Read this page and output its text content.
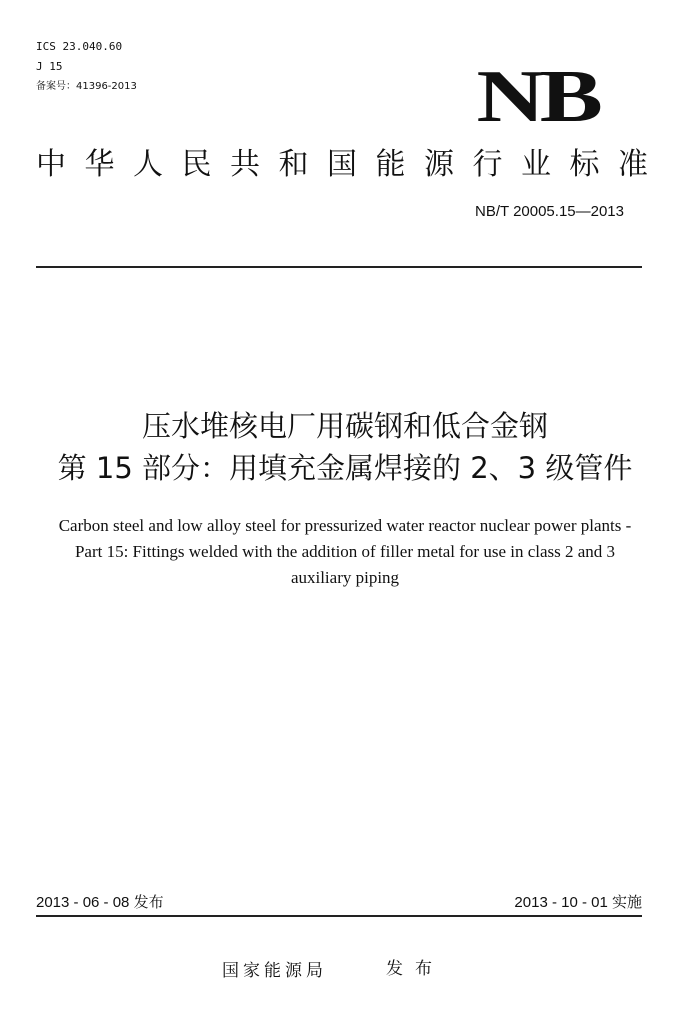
ICS 23.040.60
J 15
备案号：41396-2013	NB
中华人民共和国能源行业标准
NB/T 20005.15—2013
压水堆核电厂用碳钢和低合金钢
第 15 部分：用填充金属焊接的 2、3 级管件
Carbon steel and low alloy steel for pressurized water reactor nuclear power plants -
Part 15: Fittings welded with the addition of filler metal for use in class 2 and 3
auxiliary piping
2013 - 06 - 08 发布	2013 - 10 - 01 实施
国家能源局	发布
